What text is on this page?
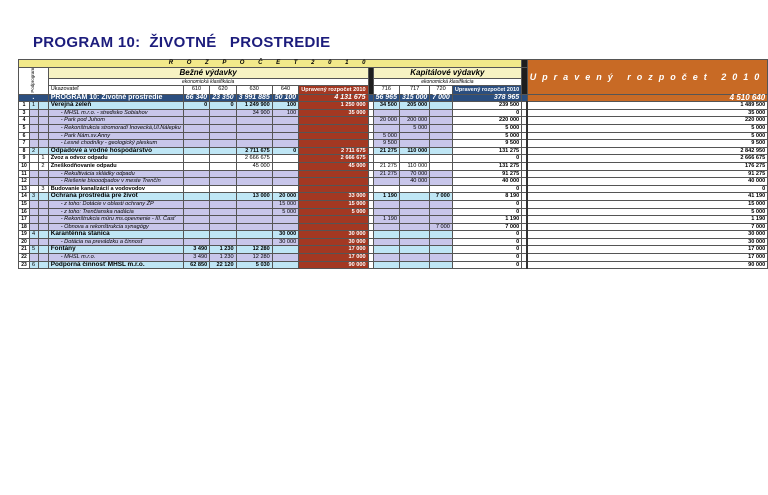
PROGRAM 10:  ŽIVOTNÉ   PROSTREDIE
R O Z P O Č E T 2 0 1 0															Upravený rozpočet 2010
Podprogram			Bežné výdavky							Kapitálové výdavky					
			ekonomická klasifikácia							ekonomická klasifikácia					
			Ukazovateľ	610	620	630	640	Upravený rozpočet 2010		716	717	720	Upravený rozpočet 2010		
.			PROGRAM 10: Životné prostredie	66 340	23 350	3 991 885	50 100	4 131 675		56 965	315 000	7 000	378 965		4 510 640
1	1		Verejná zeleň	0	0	1 249 900	100	1 250 000		34 500	205 000		239 500		1 489 500
3			- MHSL m.r.o. - stredisko Sobiahov			34 900	100	35 000					0		35 000
4			- Park pod Juhom							20 000	200 000		220 000		220 000
5			- Rekonštrukcia stromoradí Inovecká,Ul.Nálepku								5 000		5 000		5 000
6			- Park Nám.sv.Anny							5 000			5 000		5 000
7			- Lesné chodníky - geologický pleskum							9 500			9 500		9 500
8	2		Odpadové a vodné hospodárstvo			2 711 675	0	2 711 675		21 275	110 000		131 275		2 842 950
9		1	Zvoz a odvoz odpadu			2 666 675		2 666 675					0		2 666 675
10		2	Zneškodňovanie odpadu			45 000		45 000		21 275	110 000		131 275		176 275
11			- Rekultivácia skládky odpadu							21 275	70 000		91 275		91 275
12			- Riešenie biooodpadov v meste Trenčín								40 000		40 000		40 000
13		3	Budovanie kanalizácií a vodovodov										0		0
14	3		Ochrana prostredia pre život			13 000	20 000	33 000		1 190		7 000	8 190		41 190
15			- z toho: Dotácie v oblasti ochrany ŽP				15 000	15 000					0		15 000
16			- z toho: Trenčianska nadácia				5 000	5 000					0		5 000
17			- Rekonštrukcia múru ms.opevnenie - III. Časť							1 190			1 190		1 190
18			- Obnova a rekonštrukcia synagógy									7 000	7 000		7 000
19	4		Karanténna stanica				30 000	30 000					0		30 000
20			- Dotácia na prevádzku a činnosť				30 000	30 000					0		30 000
21	5		Fontány	3 490	1 230	12 280		17 000					0		17 000
22			- MHSL m.r.o.	3 490	1 230	12 280		17 000					0		17 000
23	6		Podporná činnosť MHSL m.r.o.	62 850	22 120	5 030		90 000					0		90 000
